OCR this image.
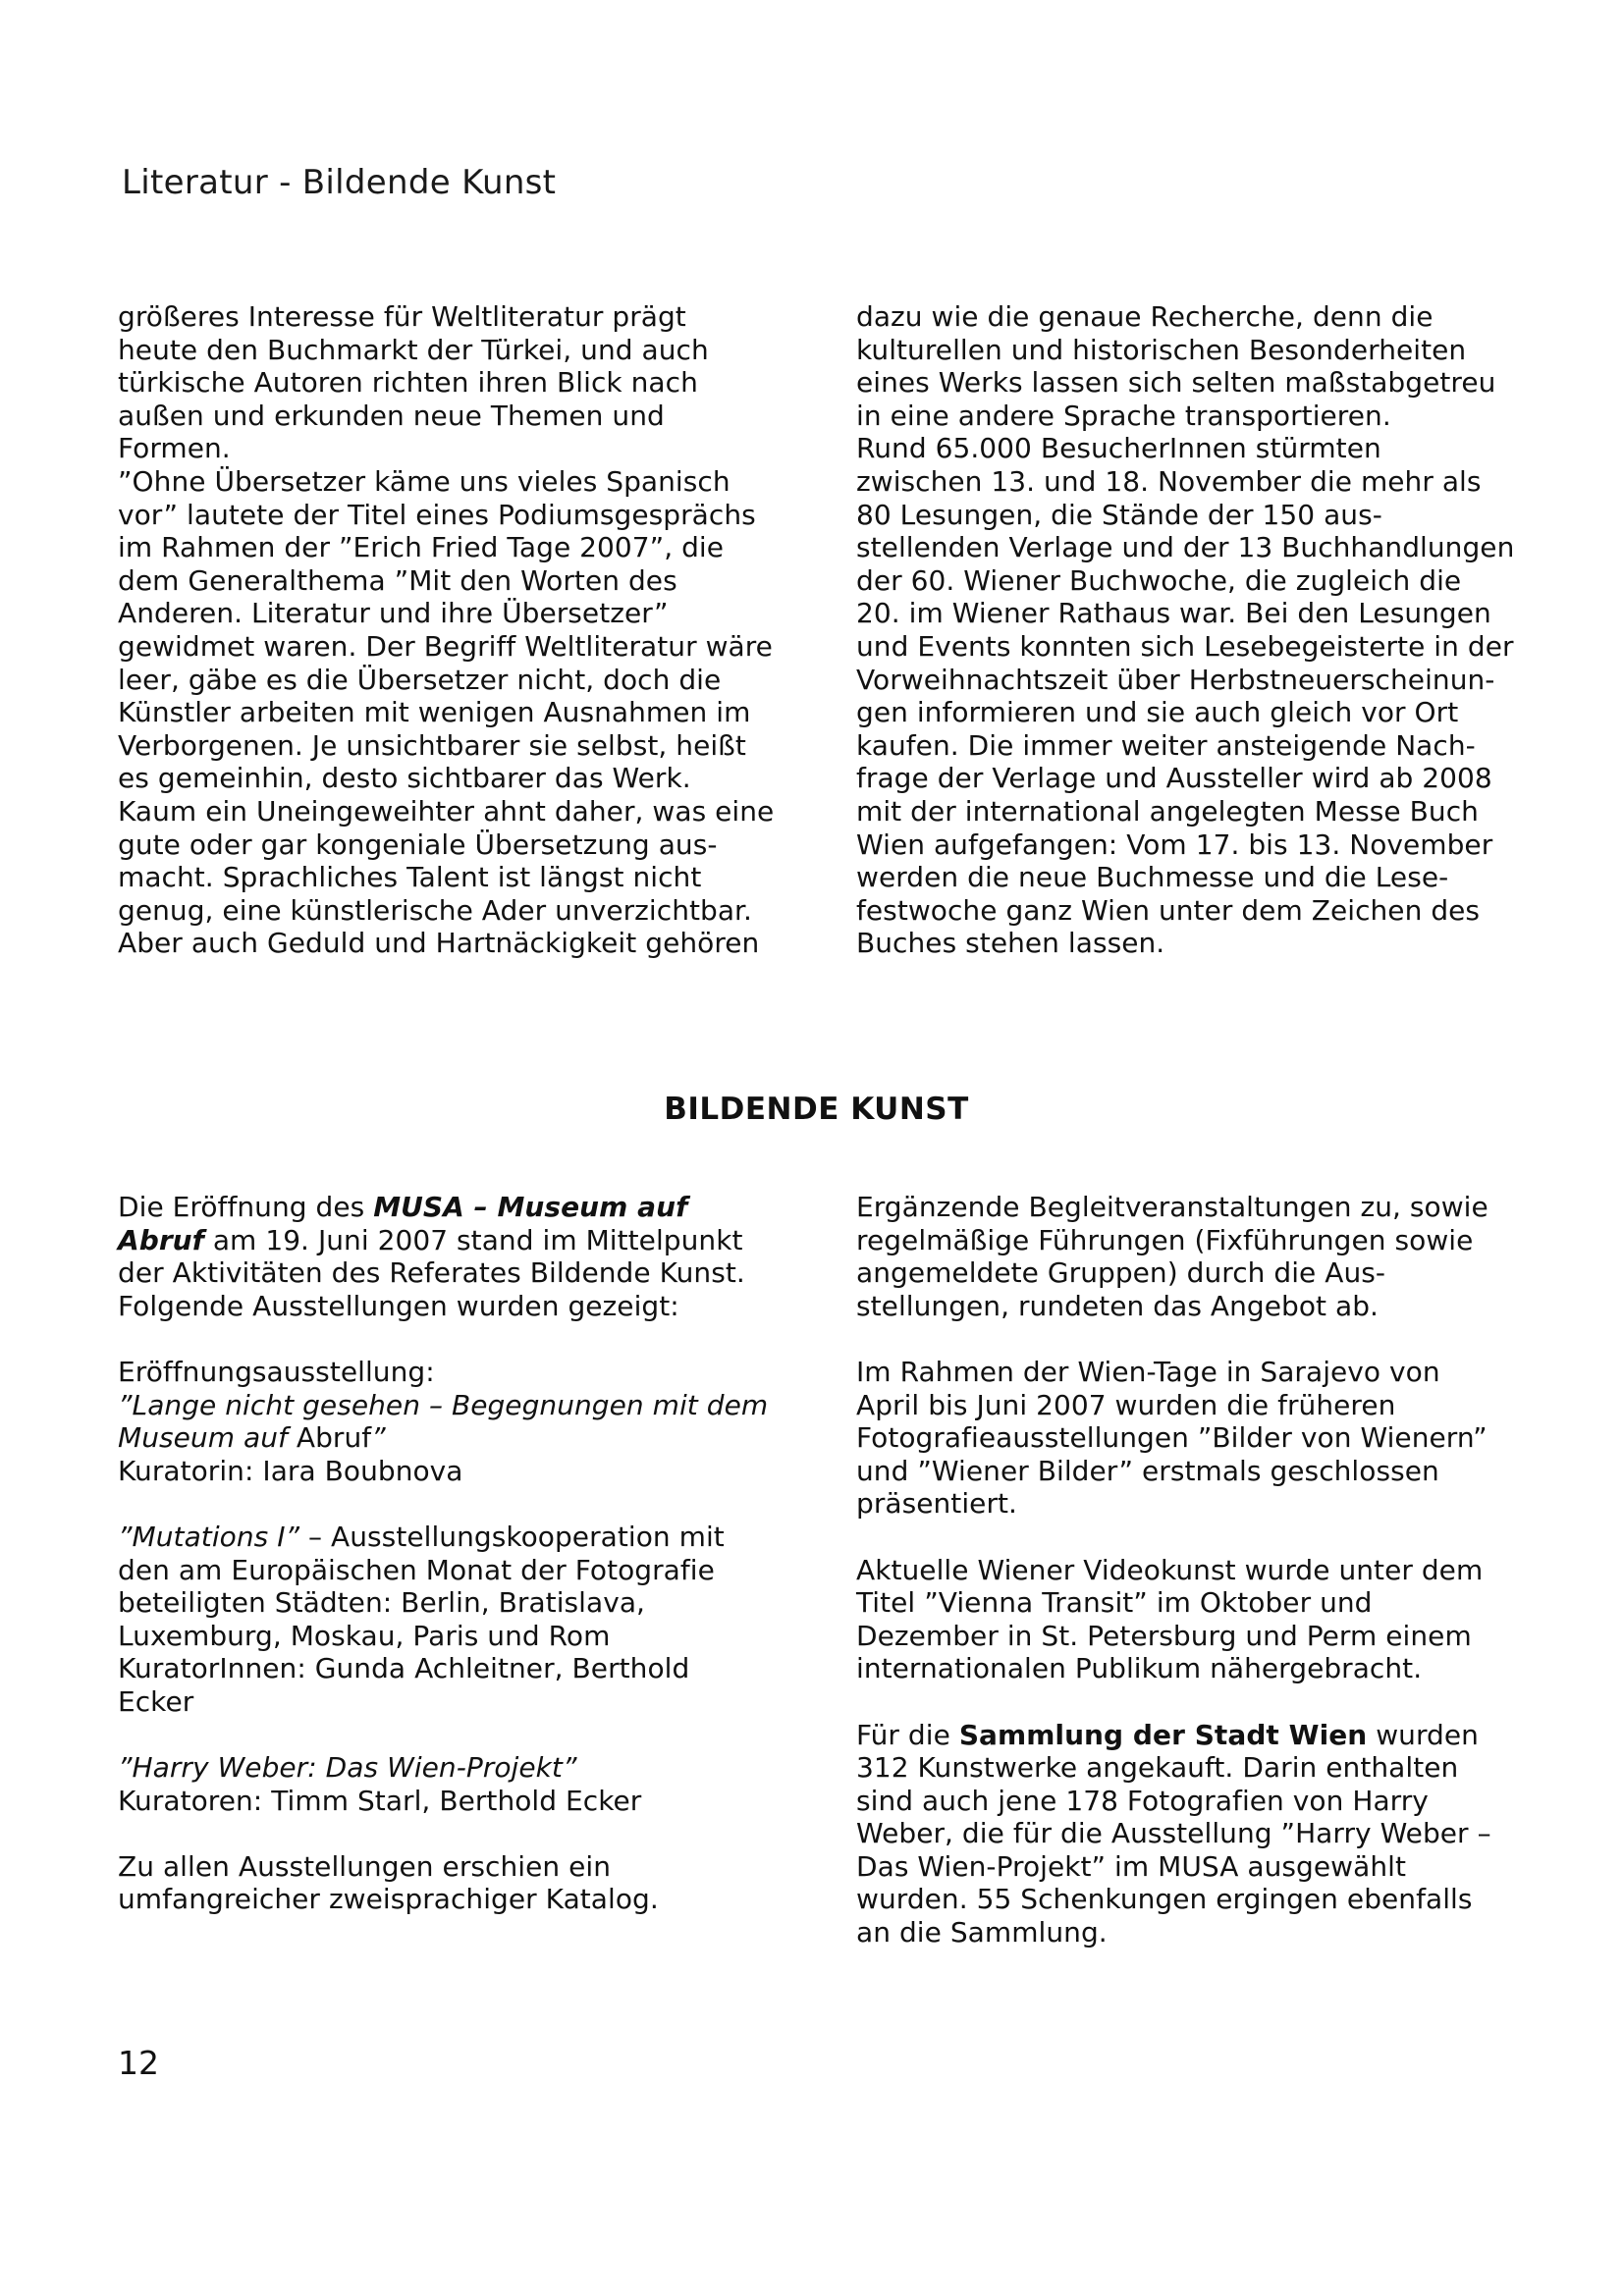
Literatur - Bildende Kunst

größeres Interesse für Weltliteratur prägt

heute den Buchmarkt der Türkei, und auch

türkische Autoren richten ihren Blick nach

außen und erkunden neue Themen und

Formen.

”Ohne Übersetzer käme uns vieles Spanisch

vor” lautete der Titel eines Podiumsgesprächs

im Rahmen der ”Erich Fried Tage 2007”, die

dem Generalthema ”Mit den Worten des

Anderen. Literatur und ihre Übersetzer”

gewidmet waren. Der Begriff Weltliteratur wäre

leer, gäbe es die Übersetzer nicht, doch die

Künstler arbeiten mit wenigen Ausnahmen im

Verborgenen. Je unsichtbarer sie selbst, heißt

es gemeinhin, desto sichtbarer das Werk.

Kaum ein Uneingeweihter ahnt daher, was eine

gute oder gar kongeniale Übersetzung aus-

macht. Sprachliches Talent ist längst nicht

genug, eine künstlerische Ader unverzichtbar.

Aber auch Geduld und Hartnäckigkeit gehören

dazu wie die genaue Recherche, denn die

kulturellen und historischen Besonderheiten

eines Werks lassen sich selten maßstabgetreu

in eine andere Sprache transportieren.

Rund 65.000 BesucherInnen stürmten

zwischen 13. und 18. November die mehr als

80 Lesungen, die Stände der 150 aus-

stellenden Verlage und der 13 Buchhandlungen

der 60. Wiener Buchwoche, die zugleich die

20. im Wiener Rathaus war. Bei den Lesungen

und Events konnten sich Lesebegeisterte in der

Vorweihnachtszeit über Herbstneuerscheinun-

gen informieren und sie auch gleich vor Ort

kaufen. Die immer weiter ansteigende Nach-

frage der Verlage und Aussteller wird ab 2008

mit der international angelegten Messe Buch

Wien aufgefangen: Vom 17. bis 13. November

werden die neue Buchmesse und die Lese-

festwoche ganz Wien unter dem Zeichen des

Buches stehen lassen.

BILDENDE KUNST

Die Eröffnung des MUSA – Museum auf

Abruf am 19. Juni 2007 stand im Mittelpunkt

der Aktivitäten des Referates Bildende Kunst.

Folgende Ausstellungen wurden gezeigt:

Eröffnungsausstellung:

”Lange nicht gesehen – Begegnungen mit dem

Museum auf Abruf”

Kuratorin: Iara Boubnova

”Mutations I” – Ausstellungskooperation mit

den am Europäischen Monat der Fotografie

beteiligten Städten: Berlin, Bratislava,

Luxemburg, Moskau, Paris und Rom

KuratorInnen: Gunda Achleitner, Berthold

Ecker

”Harry Weber: Das Wien-Projekt”

Kuratoren: Timm Starl, Berthold Ecker

Zu allen Ausstellungen erschien ein

umfangreicher zweisprachiger Katalog.

Ergänzende Begleitveranstaltungen zu, sowie

regelmäßige Führungen (Fixführungen sowie

angemeldete Gruppen) durch die Aus-

stellungen, rundeten das Angebot ab.

Im Rahmen der Wien-Tage in Sarajevo von

April bis Juni 2007 wurden die früheren

Fotografieausstellungen ”Bilder von Wienern”

und ”Wiener Bilder” erstmals geschlossen

präsentiert.

Aktuelle Wiener Videokunst wurde unter dem

Titel ”Vienna Transit” im Oktober und

Dezember in St. Petersburg und Perm einem

internationalen Publikum nähergebracht.

Für die Sammlung der Stadt Wien wurden

312 Kunstwerke angekauft. Darin enthalten

sind auch jene 178 Fotografien von Harry

Weber, die für die Ausstellung ”Harry Weber –

Das Wien-Projekt” im MUSA ausgewählt

wurden. 55 Schenkungen ergingen ebenfalls

an die Sammlung.

12
